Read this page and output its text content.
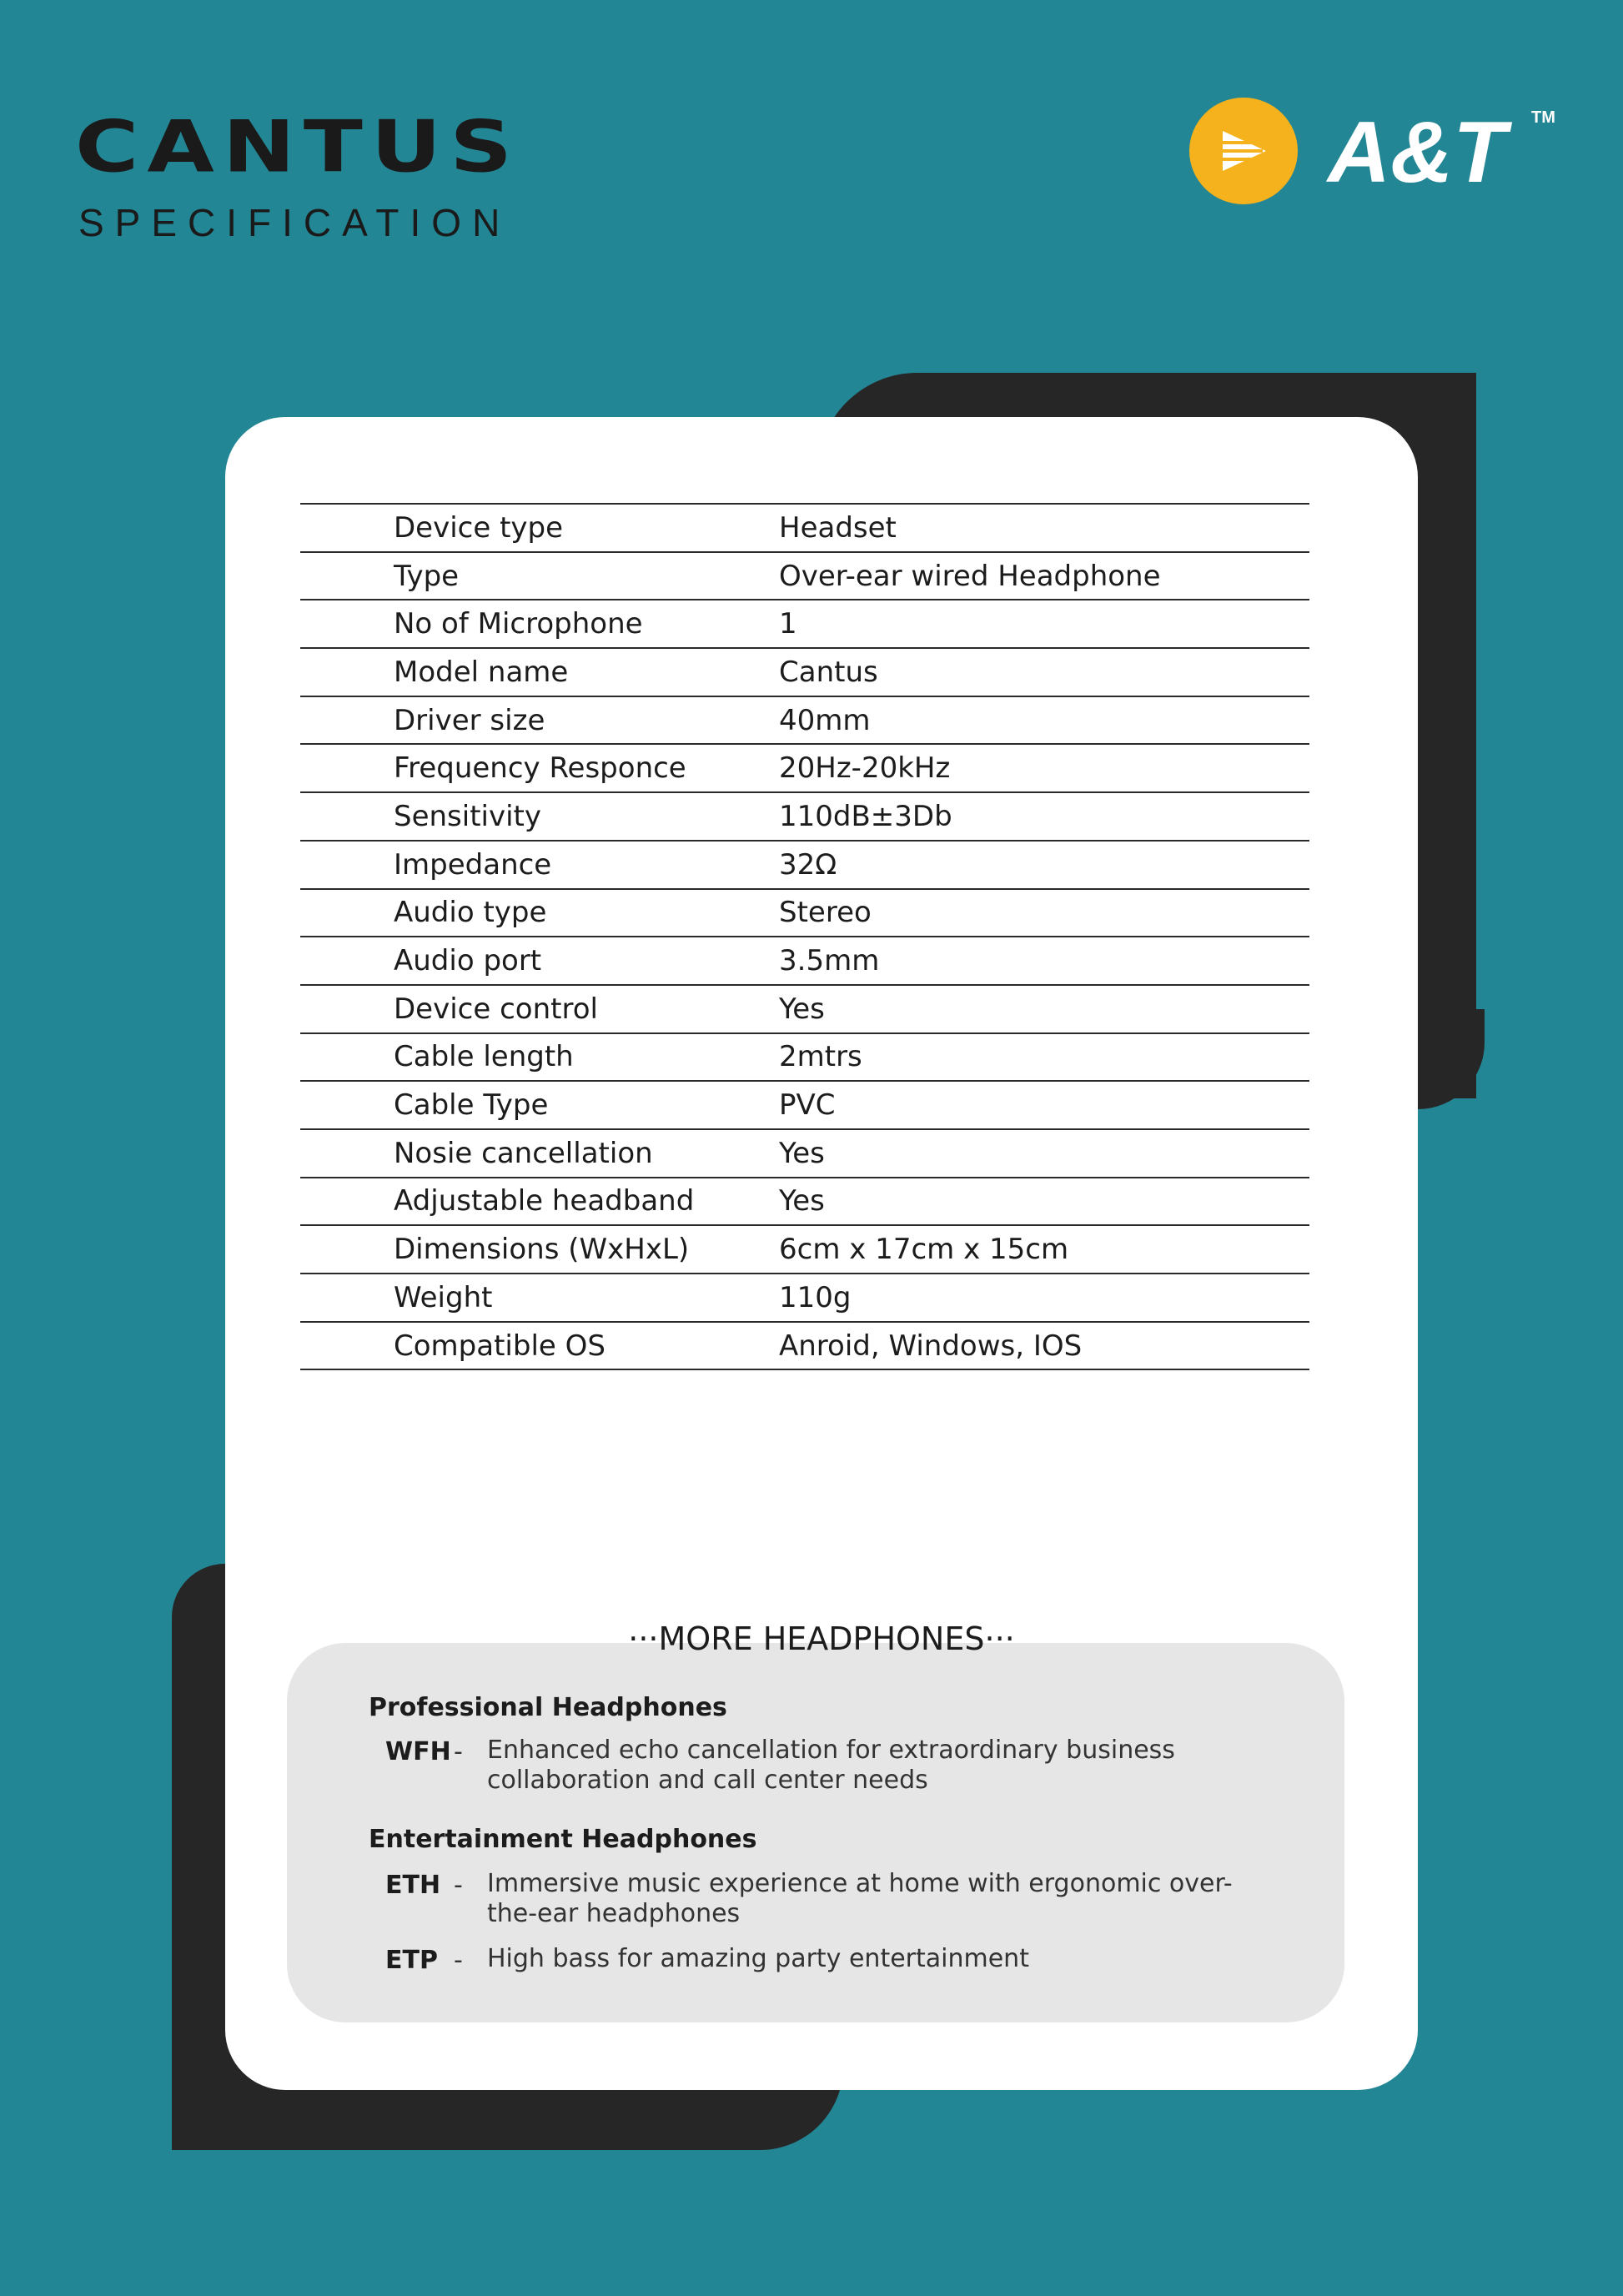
CANTUS
SPECIFICATION
A&T TM
Device type	Headset
Type	Over-ear wired Headphone
No of Microphone	1
Model name	Cantus
Driver size	40mm
Frequency Responce	20Hz-20kHz
Sensitivity	110dB±3Db
Impedance	32Ω
Audio type	Stereo
Audio port	3.5mm
Device control	Yes
Cable length	2mtrs
Cable Type	PVC
Nosie cancellation	Yes
Adjustable headband	Yes
Dimensions (WxHxL)	6cm x 17cm x 15cm
Weight	110g
Compatible OS	Anroid, Windows, IOS
Professional Headphones
WFH - Enhanced echo cancellation for extraordinary business collaboration and call center needs
Entertainment Headphones
ETH - Immersive music experience at home with ergonomic over-the-ear headphones
ETP - High bass for amazing party entertainment
···MORE HEADPHONES···
